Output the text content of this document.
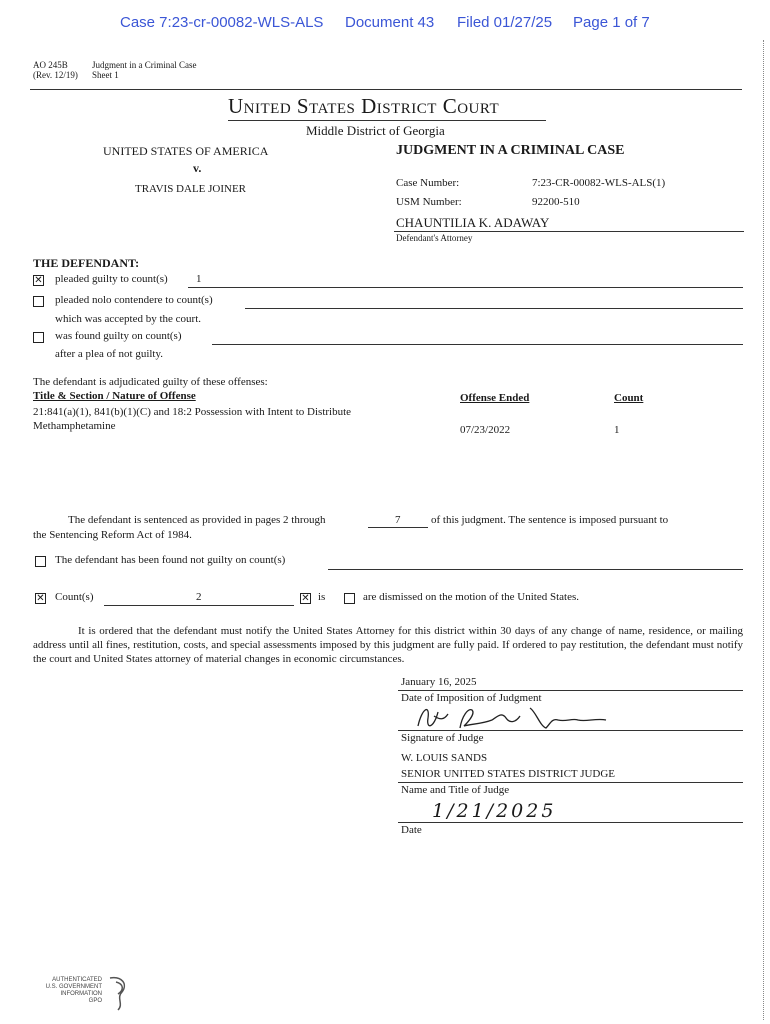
Case 7:23-cr-00082-WLS-ALS Document 43 Filed 01/27/25 Page 1 of 7
AO 245B	Judgment in a Criminal Case
(Rev. 12/19) Sheet 1
United States District Court
Middle District of Georgia
UNITED STATES OF AMERICA
v.
TRAVIS DALE JOINER
JUDGMENT IN A CRIMINAL CASE
Case Number:	7:23-CR-00082-WLS-ALS(1)
USM Number:	92200-510
CHAUNTILIA K. ADAWAY
Defendant's Attorney
THE DEFENDANT:
✕ pleaded guilty to count(s)	1
pleaded nolo contendere to count(s)
which was accepted by the court.
was found guilty on count(s)
after a plea of not guilty.
The defendant is adjudicated guilty of these offenses:
Title & Section / Nature of Offense	Offense Ended	Count
21:841(a)(1), 841(b)(1)(C) and 18:2 Possession with Intent to Distribute
Methamphetamine	07/23/2022	1
The defendant is sentenced as provided in pages 2 through	7	of this judgment. The sentence is imposed pursuant to
the Sentencing Reform Act of 1984.
The defendant has been found not guilty on count(s)
✕ Count(s)	2	✕ is	are dismissed on the motion of the United States.
It is ordered that the defendant must notify the United States Attorney for this district within 30 days of any change of name, residence, or mailing address until all fines, restitution, costs, and special assessments imposed by this judgment are fully paid. If ordered to pay restitution, the defendant must notify the court and United States attorney of material changes in economic circumstances.
January 16, 2025
Date of Imposition of Judgment
Signature of Judge
W. LOUIS SANDS
SENIOR UNITED STATES DISTRICT JUDGE
Name and Title of Judge
1/21/2025
Date
AUTHENTICATED
U.S. GOVERNMENT
INFORMATION
GPO
